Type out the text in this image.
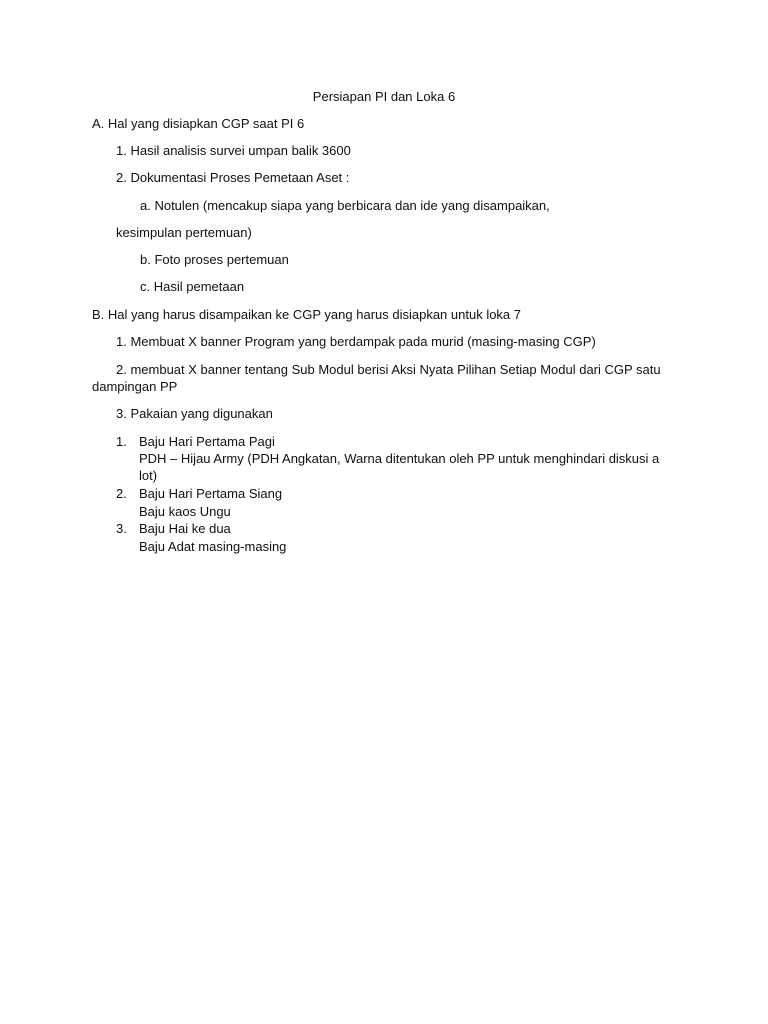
Persiapan PI dan Loka 6
A. Hal yang disiapkan CGP saat PI 6
1. Hasil analisis survei umpan balik 3600
2. Dokumentasi Proses Pemetaan Aset :
a. Notulen (mencakup siapa yang berbicara dan ide yang disampaikan,
kesimpulan pertemuan)
b. Foto proses pertemuan
c. Hasil pemetaan
B. Hal yang harus disampaikan ke CGP yang harus disiapkan untuk loka 7
1. Membuat X banner Program yang berdampak pada murid (masing-masing CGP)
2. membuat X banner tentang Sub Modul berisi Aksi Nyata Pilihan Setiap Modul dari CGP satu
dampingan PP
3. Pakaian yang digunakan
1. Baju Hari Pertama Pagi
PDH – Hijau Army (PDH Angkatan, Warna ditentukan oleh PP untuk menghindari diskusi a
lot)
2. Baju Hari Pertama Siang
Baju kaos Ungu
3. Baju Hai ke dua
Baju Adat masing-masing
